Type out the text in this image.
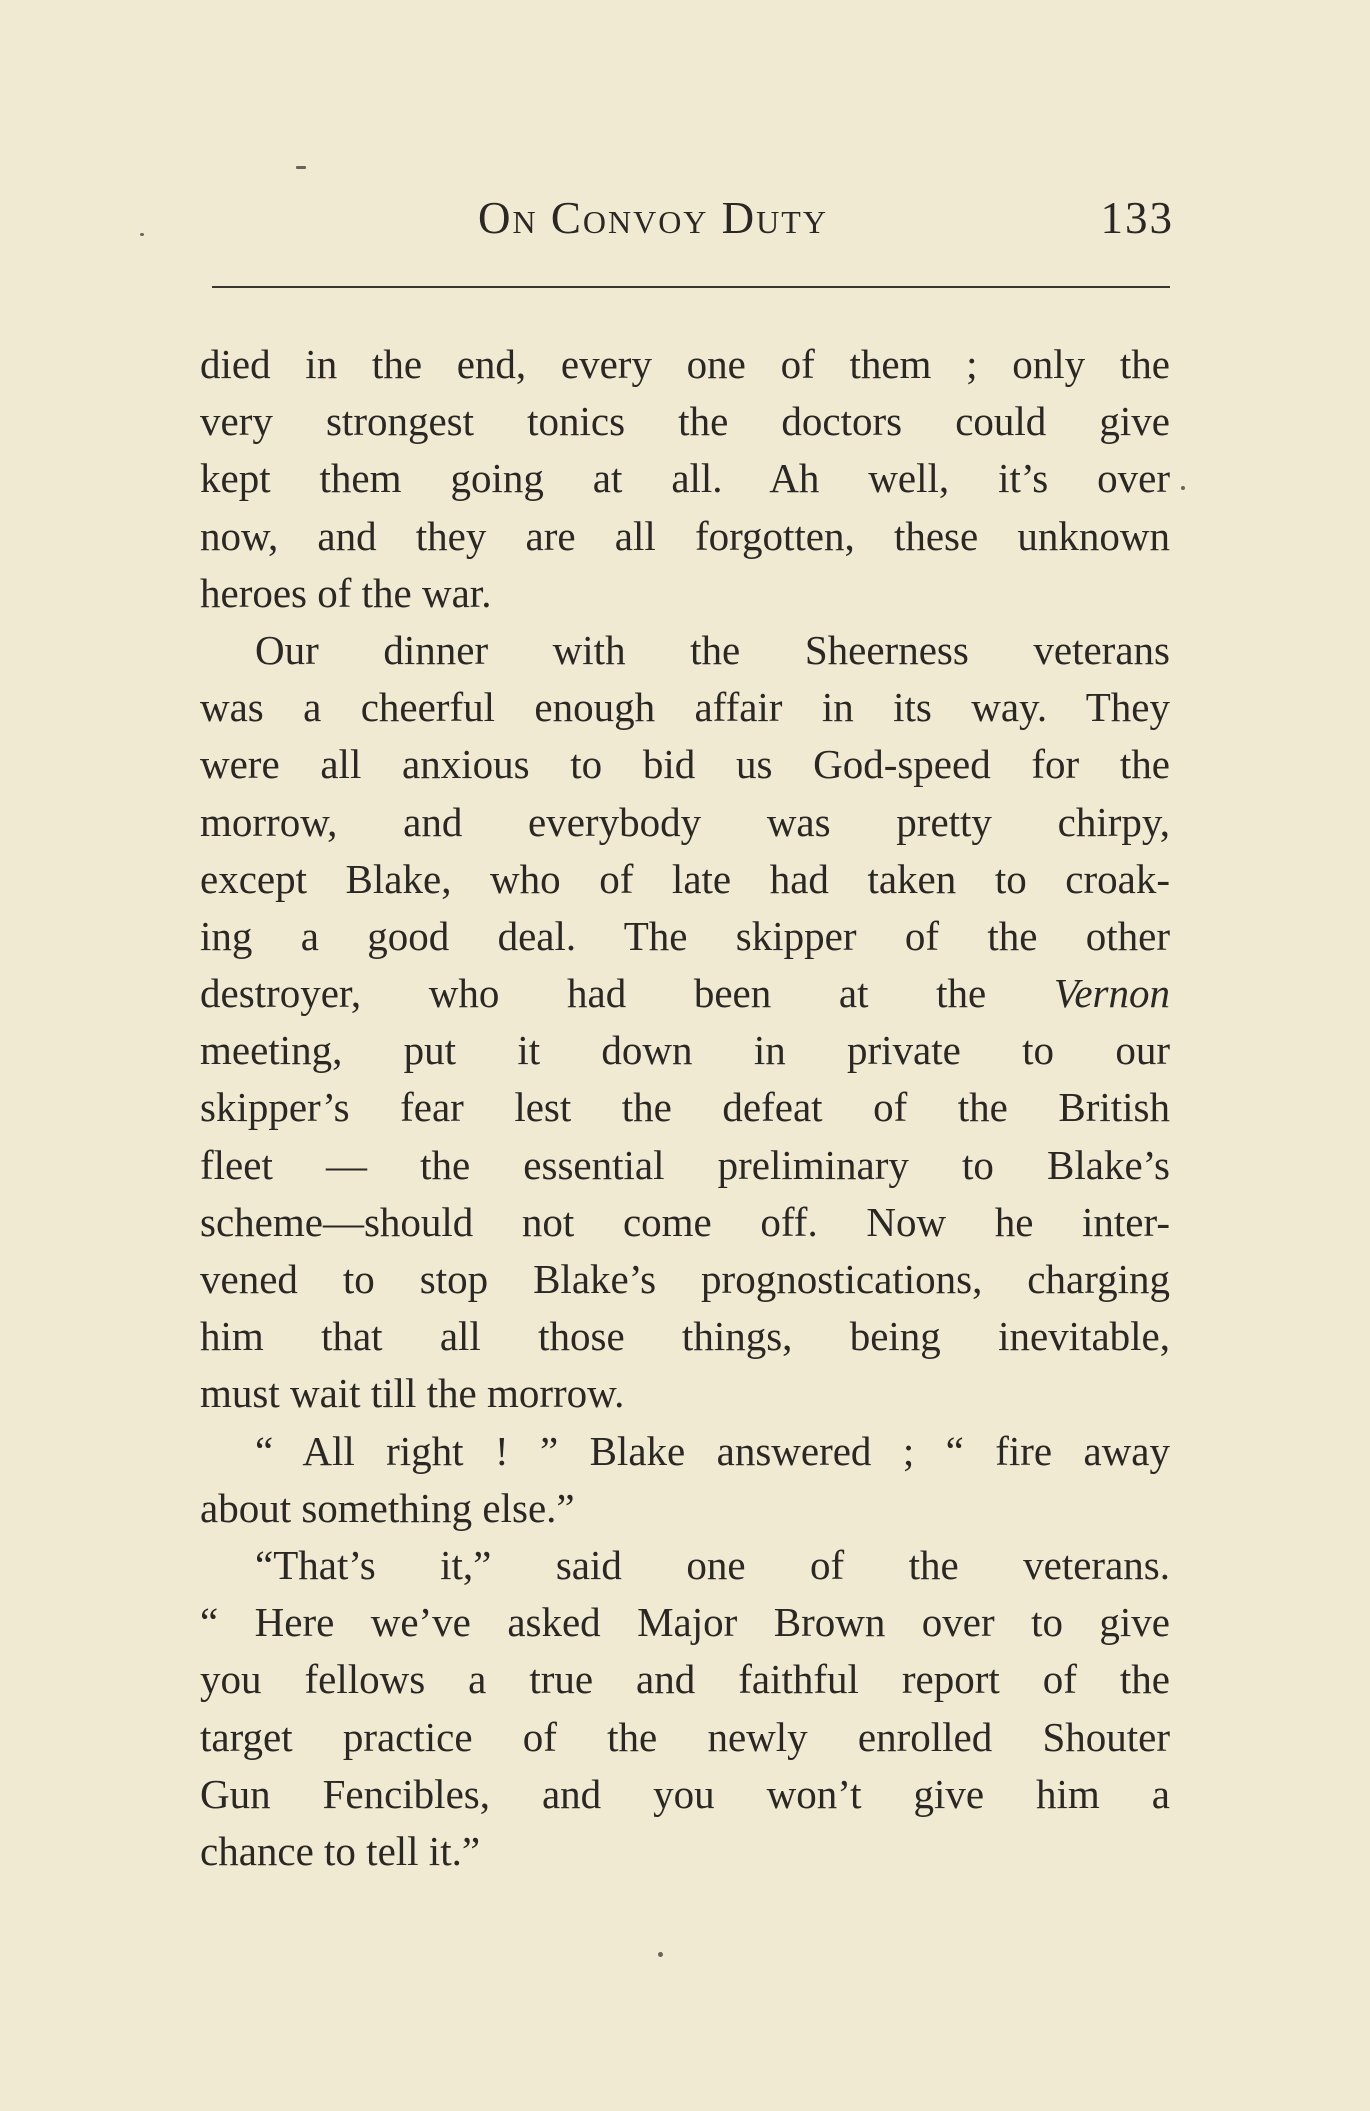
On Convoy Duty	133
died in the end, every one of them ; only the
very strongest tonics the doctors could give
kept them going at all. Ah well, it’s over
now, and they are all forgotten, these unknown
heroes of the war.
Our dinner with the Sheerness veterans
was a cheerful enough affair in its way. They
were all anxious to bid us God-speed for the
morrow, and everybody was pretty chirpy,
except Blake, who of late had taken to croak-
ing a good deal. The skipper of the other
destroyer, who had been at the Vernon
meeting, put it down in private to our
skipper’s fear lest the defeat of the British
fleet — the essential preliminary to Blake’s
scheme—should not come off. Now he inter-
vened to stop Blake’s prognostications, charging
him that all those things, being inevitable,
must wait till the morrow.
“ All right ! ” Blake answered ; “ fire away
about something else.”
“That’s it,” said one of the veterans.
“ Here we’ve asked Major Brown over to give
you fellows a true and faithful report of the
target practice of the newly enrolled Shouter
Gun Fencibles, and you won’t give him a
chance to tell it.”
